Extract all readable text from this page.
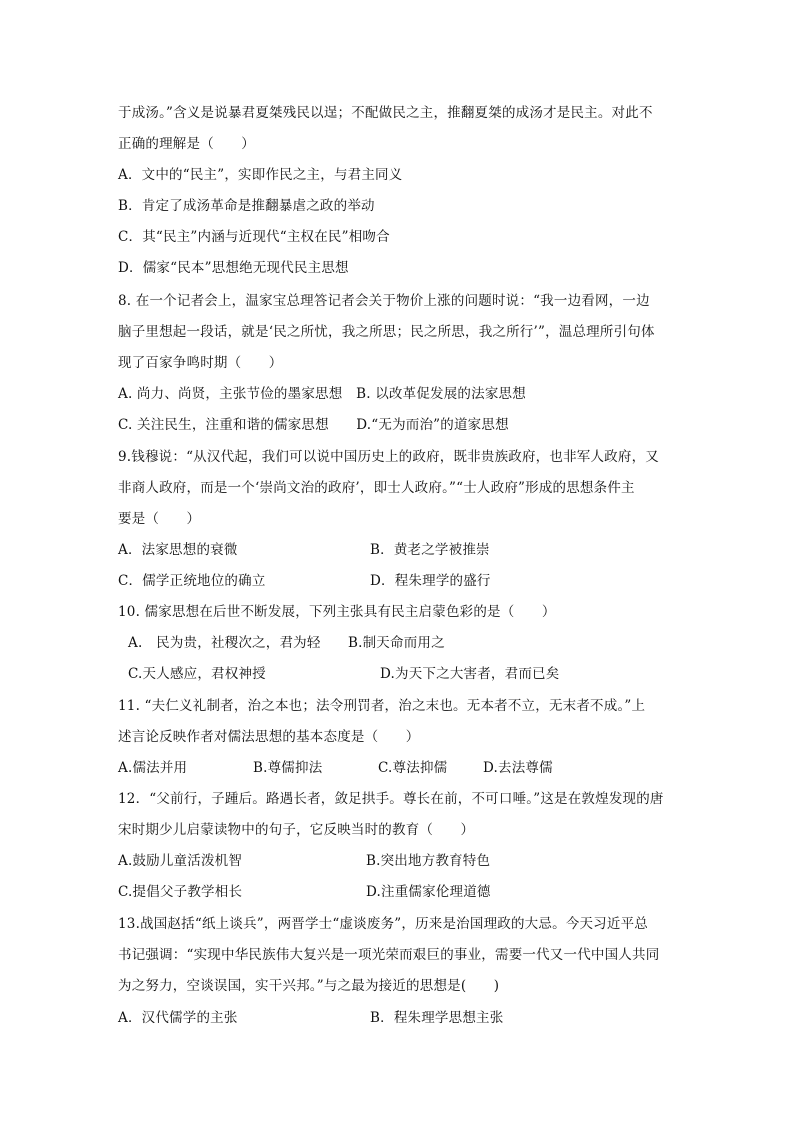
于成汤。”含义是说暴君夏桀残民以逞；不配做民之主，推翻夏桀的成汤才是民主。对此不
正确的理解是（　　）
A．文中的“民主”，实即作民之主，与君主同义
B．肯定了成汤革命是推翻暴虐之政的举动
C．其“民主”内涵与近现代“主权在民”相吻合
D．儒家“民本”思想绝无现代民主思想
8. 在一个记者会上，温家宝总理答记者会关于物价上涨的问题时说：“我一边看网，一边
脑子里想起一段话，就是‘民之所忧，我之所思；民之所思，我之所行’”，温总理所引句体
现了百家争鸣时期（　　）
A. 尚力、尚贤，主张节俭的墨家思想　B. 以改革促发展的法家思想
C. 关注民生，注重和谐的儒家思想　　D.“无为而治”的道家思想
9.钱穆说：“从汉代起，我们可以说中国历史上的政府，既非贵族政府，也非军人政府，又
非商人政府，而是一个‘崇尚文治的政府’，即士人政府。”“士人政府”形成的思想条件主
要是（　　）
A．法家思想的衰微	B．黄老之学被推崇
C．儒学正统地位的确立	D．程朱理学的盛行
10. 儒家思想在后世不断发展，下列主张具有民主启蒙色彩的是（　　）
A.　民为贵，社稷次之，君为轻 B.制天命而用之
C.天人感应，君权神授	D.为天下之大害者，君而已矣
11. “夫仁义礼制者，治之本也；法令刑罚者，治之末也。无本者不立，无末者不成。”上
述言论反映作者对儒法思想的基本态度是（　　）
A.儒法并用	B.尊儒抑法	C.尊法抑儒	D.去法尊儒
12．“父前行，子踵后。路遇长者，敛足拱手。尊长在前，不可口唾。”这是在敦煌发现的唐
宋时期少儿启蒙读物中的句子，它反映当时的教育（　　）
A.鼓励儿童活泼机智	B.突出地方教育特色
C.提倡父子教学相长	D.注重儒家伦理道德
13.战国赵括“纸上谈兵”，两晋学士“虚谈废务”，历来是治国理政的大忌。今天习近平总
书记强调：“实现中华民族伟大复兴是一项光荣而艰巨的事业，需要一代又一代中国人共同
为之努力，空谈误国，实干兴邦。”与之最为接近的思想是(　　)
A．汉代儒学的主张	B．程朱理学思想主张
